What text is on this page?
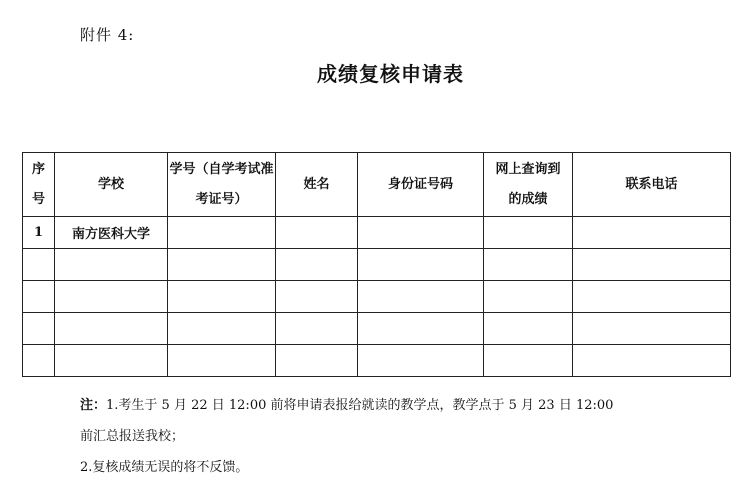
附件 4:
成绩复核申请表
序号	学校	学号（自学考试准考证号）	姓名	身份证号码	网上查询到的成绩	联系电话
1	南方医科大学					

注：1.考生于 5 月 22 日 12:00 前将申请表报给就读的教学点，教学点于 5 月 23 日 12:00
前汇总报送我校；
2.复核成绩无误的将不反馈。
